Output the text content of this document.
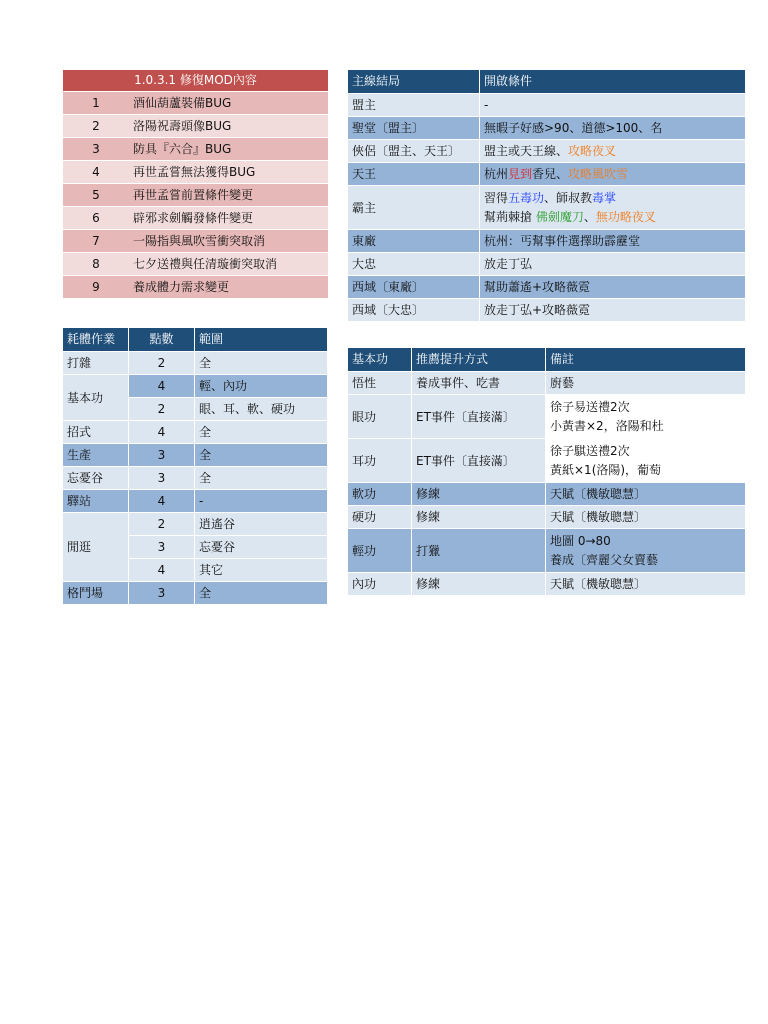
1.0.3.1 修復MOD內容	
1	酒仙葫蘆裝備BUG
2	洛陽祝壽頭像BUG
3	防具『六合』BUG
4	再世孟嘗無法獲得BUG
5	再世孟嘗前置條件變更
6	辟邪求劍觸發條件變更
7	一陽指與風吹雪衝突取消
8	七夕送禮與任清璇衝突取消
9	養成體力需求變更
主線結局	開啟條件
盟主	-
聖堂〔盟主〕	無暇子好感>90、道德>100、名
俠侶〔盟主、天王〕	盟主或天王線、攻略夜叉
天王	杭州見到香兒、攻略風吹雪
霸主	習得五毒功、師叔教毒掌
幫荊棘搶 佛劍魔刀、無功略夜叉

東廠	杭州：丐幫事件選擇助霹靂堂
大忠	放走丁弘
西域〔東廠〕	幫助蕭遙+攻略薇霓
西域〔大忠〕	放走丁弘+攻略薇霓
耗體作業	點數	範圍
打雜	2	全
基本功	4	輕、內功
	2	眼、耳、軟、硬功
招式	4	全
生產	3	全
忘憂谷	3	全
驛站	4	-
閒逛	2	逍遙谷
	3	忘憂谷
	4	其它
格鬥場	3	全
基本功	推薦提升方式	備註
悟性	養成事件、吃書	廚藝
眼功	ET事件〔直接滿〕	徐子易送禮2次
小黃書×2，洛陽和杜

耳功	ET事件〔直接滿〕	徐子騏送禮2次
黃紙×1(洛陽)，葡萄

軟功	修練	天賦〔機敏聰慧〕
硬功	修練	天賦〔機敏聰慧〕
輕功	打獵	地圖 0→80
養成〔齊麗父女賣藝

內功	修練	天賦〔機敏聰慧〕
